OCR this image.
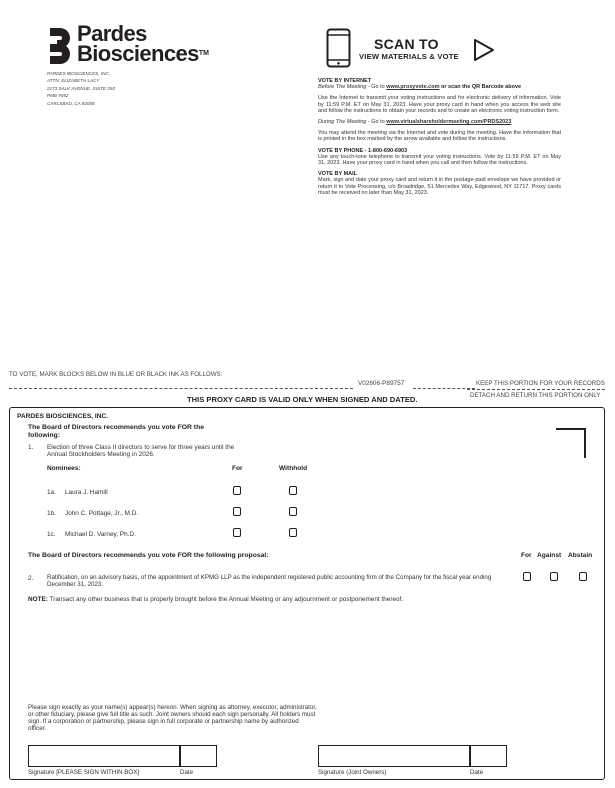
Pardes
Biosciences™
PARDES BIOSCIENCES, INC.
ATTN: ELIZABETH LACY
2173 SALK AVENUE, SUITE 250
PMB #052
CARLSBAD, CA 92008
SCAN TO
VIEW MATERIALS & VOTE
VOTE BY INTERNET

Before The Meeting - Go to www.proxyvote.com or scan the QR Barcode above

Use the Internet to transmit your voting instructions and for electronic delivery of information. Vote by 11:59 P.M. ET on May 31, 2023. Have your proxy card in hand when you access the web site and follow the instructions to obtain your records and to create an electronic voting instruction form.

During The Meeting - Go to www.virtualshareholdermeeting.com/PRDS2023

You may attend the meeting via the Internet and vote during the meeting. Have the information that is printed in the box marked by the arrow available and follow the instructions.

VOTE BY PHONE - 1-800-690-6903

Use any touch-tone telephone to transmit your voting instructions. Vote by 11:59 P.M. ET on May 31, 2023. Have your proxy card in hand when you call and then follow the instructions.

VOTE BY MAIL

Mark, sign and date your proxy card and return it in the postage-paid envelope we have provided or return it to Vote Processing, c/o Broadridge, 51 Mercedes Way, Edgewood, NY 11717. Proxy cards must be received no later than May 31, 2023.

TO VOTE, MARK BLOCKS BELOW IN BLUE OR BLACK INK AS FOLLOWS:
V02606-P89757	KEEP THIS PORTION FOR YOUR RECORDS
DETACH AND RETURN THIS PORTION ONLY
THIS PROXY CARD IS VALID ONLY WHEN SIGNED AND DATED.
PARDES BIOSCIENCES, INC.
The Board of Directors recommends you vote FOR the following:
1. Election of three Class II directors to serve for three years until the Annual Stockholders Meeting in 2026.
Nominees:	For	Withhold
1a. Laura J. Hamill
1b. John C. Pottage, Jr., M.D.
1c. Michael D. Varney, Ph.D.
The Board of Directors recommends you vote FOR the following proposal:	For Against Abstain
2. Ratification, on an advisory basis, of the appointment of KPMG LLP as the independent registered public accounting firm of the Company for the fiscal year ending December 31, 2023.
NOTE: Transact any other business that is properly brought before the Annual Meeting or any adjournment or postponement thereof.
Please sign exactly as your name(s) appear(s) hereon. When signing as attorney, executor, administrator, or other fiduciary, please give full title as such. Joint owners should each sign personally. All holders must sign. If a corporation or partnership, please sign in full corporate or partnership name by authorized officer.
Signature [PLEASE SIGN WITHIN BOX]	Date	Signature (Joint Owners)	Date
